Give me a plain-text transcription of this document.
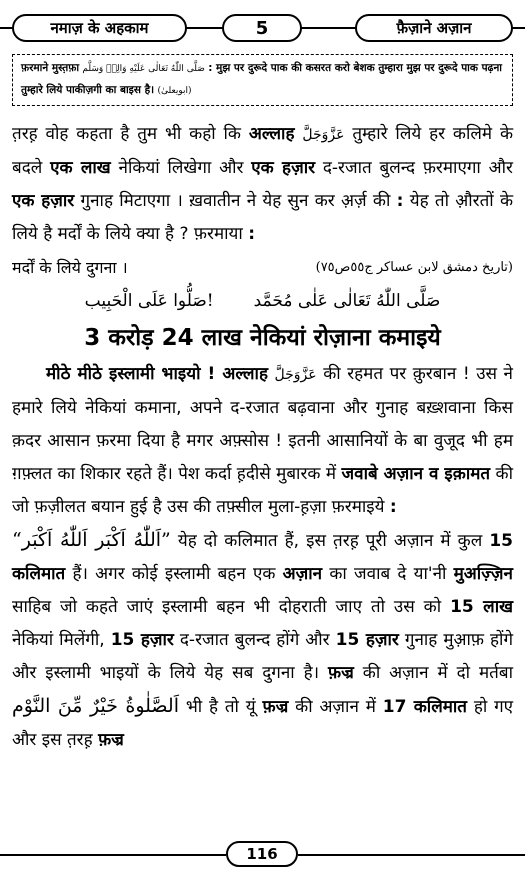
नमाज़ के अहकाम	5	फ़ैज़ाने अज़ान
फ़रमाने मुस्त़फ़ा صَلَّى اللّٰهُ تَعَالٰى عَلَيْهِ وَالِهٖ وَسَلَّم : मुझ पर दुरूदे पाक की कसरत करो बेशक तुम्हारा मुझ पर दुरूदे पाक पढ़ना तुम्हारे लिये पाकीज़गी का बाइस है। (ابویعلیٰ)

त़रह़ वोह कहता है तुम भी कहो कि अल्लाह عَزَّوَجَلَّ तुम्हारे लिये हर कलिमे के बदले एक लाख नेकियां लिखेगा और एक हज़ार द-रजात बुलन्द फ़रमाएगा और एक हज़ार गुनाह मिटाएगा । ख़वातीन ने येह सुन कर अ़र्ज़ की : येह तो औ़रतों के लिये है मर्दों के लिये क्या है ? फ़रमाया :

मर्दों के लिये दुगना ।	(تاريخ دمشق لابن عساكر ج٥٥ص٧٥)
صَلُّوا عَلَى الْحَبِيب! صَلَّى اللّٰهُ تَعَالٰى عَلٰى مُحَمَّد
3 करोड़ 24 लाख नेकियां रोज़ाना कमाइये

मीठे मीठे इस्लामी भाइयो ! अल्लाह عَزَّوَجَلَّ की रहमत पर क़ुरबान ! उस ने हमारे लिये नेकियां कमाना, अपने द-रजात बढ़वाना और गुनाह बख़्शवाना किस क़दर आसान फ़रमा दिया है मगर अफ़्सोस ! इतनी आसानियों के बा वुजूद भी हम ग़फ़्लत का शिकार रहते हैं। पेश कर्दा ह़दीसे मुबारक में जवाबे अज़ान व इक़ामत की जो फ़ज़ीलत बयान हुई है उस की तफ़्सील मुला-ह़ज़ा फ़रमाइये :

“اَللّٰهُ اَكْبَر اَللّٰهُ اَكْبَر” येह दो कलिमात हैं, इस त़रह़ पूरी अज़ान में कुल 15 कलिमात हैं। अगर कोई इस्लामी बहन एक अज़ान का जवाब दे या'नी मुअज़्ज़िन साहिब जो कहते जाएं इस्लामी बहन भी दोहराती जाए तो उस को 15 लाख नेकियां मिलेंगी, 15 हज़ार द-रजात बुलन्द होंगे और 15 हज़ार गुनाह मुआ़फ़ होंगे और इस्लामी भाइयों के लिये येह सब दुगना है। फ़ज्र की अज़ान में दो मर्तबा اَلصَّلٰوةُ خَيْرٌ مِّنَ النَّوْم भी है तो यूं फ़ज्र की अज़ान में 17 कलिमात हो गए और इस त़रह़ फ़ज्र

116
